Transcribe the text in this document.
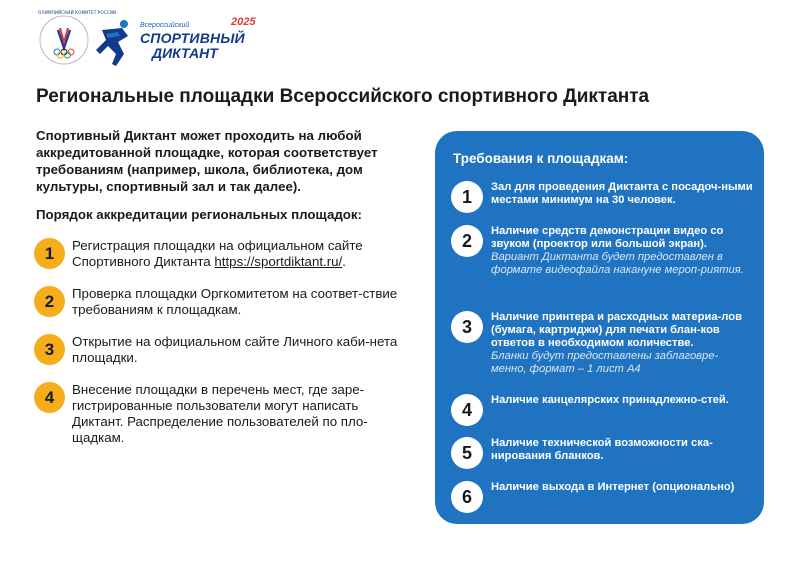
ОЛИМПИЙСКИЙ КОМИТЕТ РОССИИ
Всероссийский	2025
СПОРТИВНЫЙ
ДИКТАНТ
Региональные площадки Всероссийского спортивного Диктанта

Спортивный Диктант может проходить на любой аккредитованной площадке, которая соответствует требованиям (например, школа, библиотека, дом культуры, спортивный зал и так далее).

Порядок аккредитации региональных площадок:

1	Регистрация площадки на официальном сайте Спортивного Диктанта https://sportdiktant.ru/.
2	Проверка площадки Оргкомитетом на соответ-ствие требованиям к площадкам.
3	Открытие на официальном сайте Личного каби-нета площадки.
4	Внесение площадки в перечень мест, где заре-гистрированные пользователи могут написать Диктант. Распределение пользователей по пло-щадкам.
Требования к площадкам:
1	Зал для проведения Диктанта с посадоч-ными местами минимум на 30 человек.
2	Наличие средств демонстрации видео со звуком (проектор или большой экран).
Вариант Диктанта будет предоставлен в формате видеофайла накануне мероп-риятия.
3	Наличие принтера и расходных материа-лов (бумага, картриджи) для печати блан-ков ответов в необходимом количестве.
Бланки будут предоставлены заблаговре-менно, формат – 1 лист А4
4	Наличие канцелярских принадлежно-стей.
5	Наличие технической возможности ска-нирования бланков.
6	Наличие выхода в Интернет (опционально)
